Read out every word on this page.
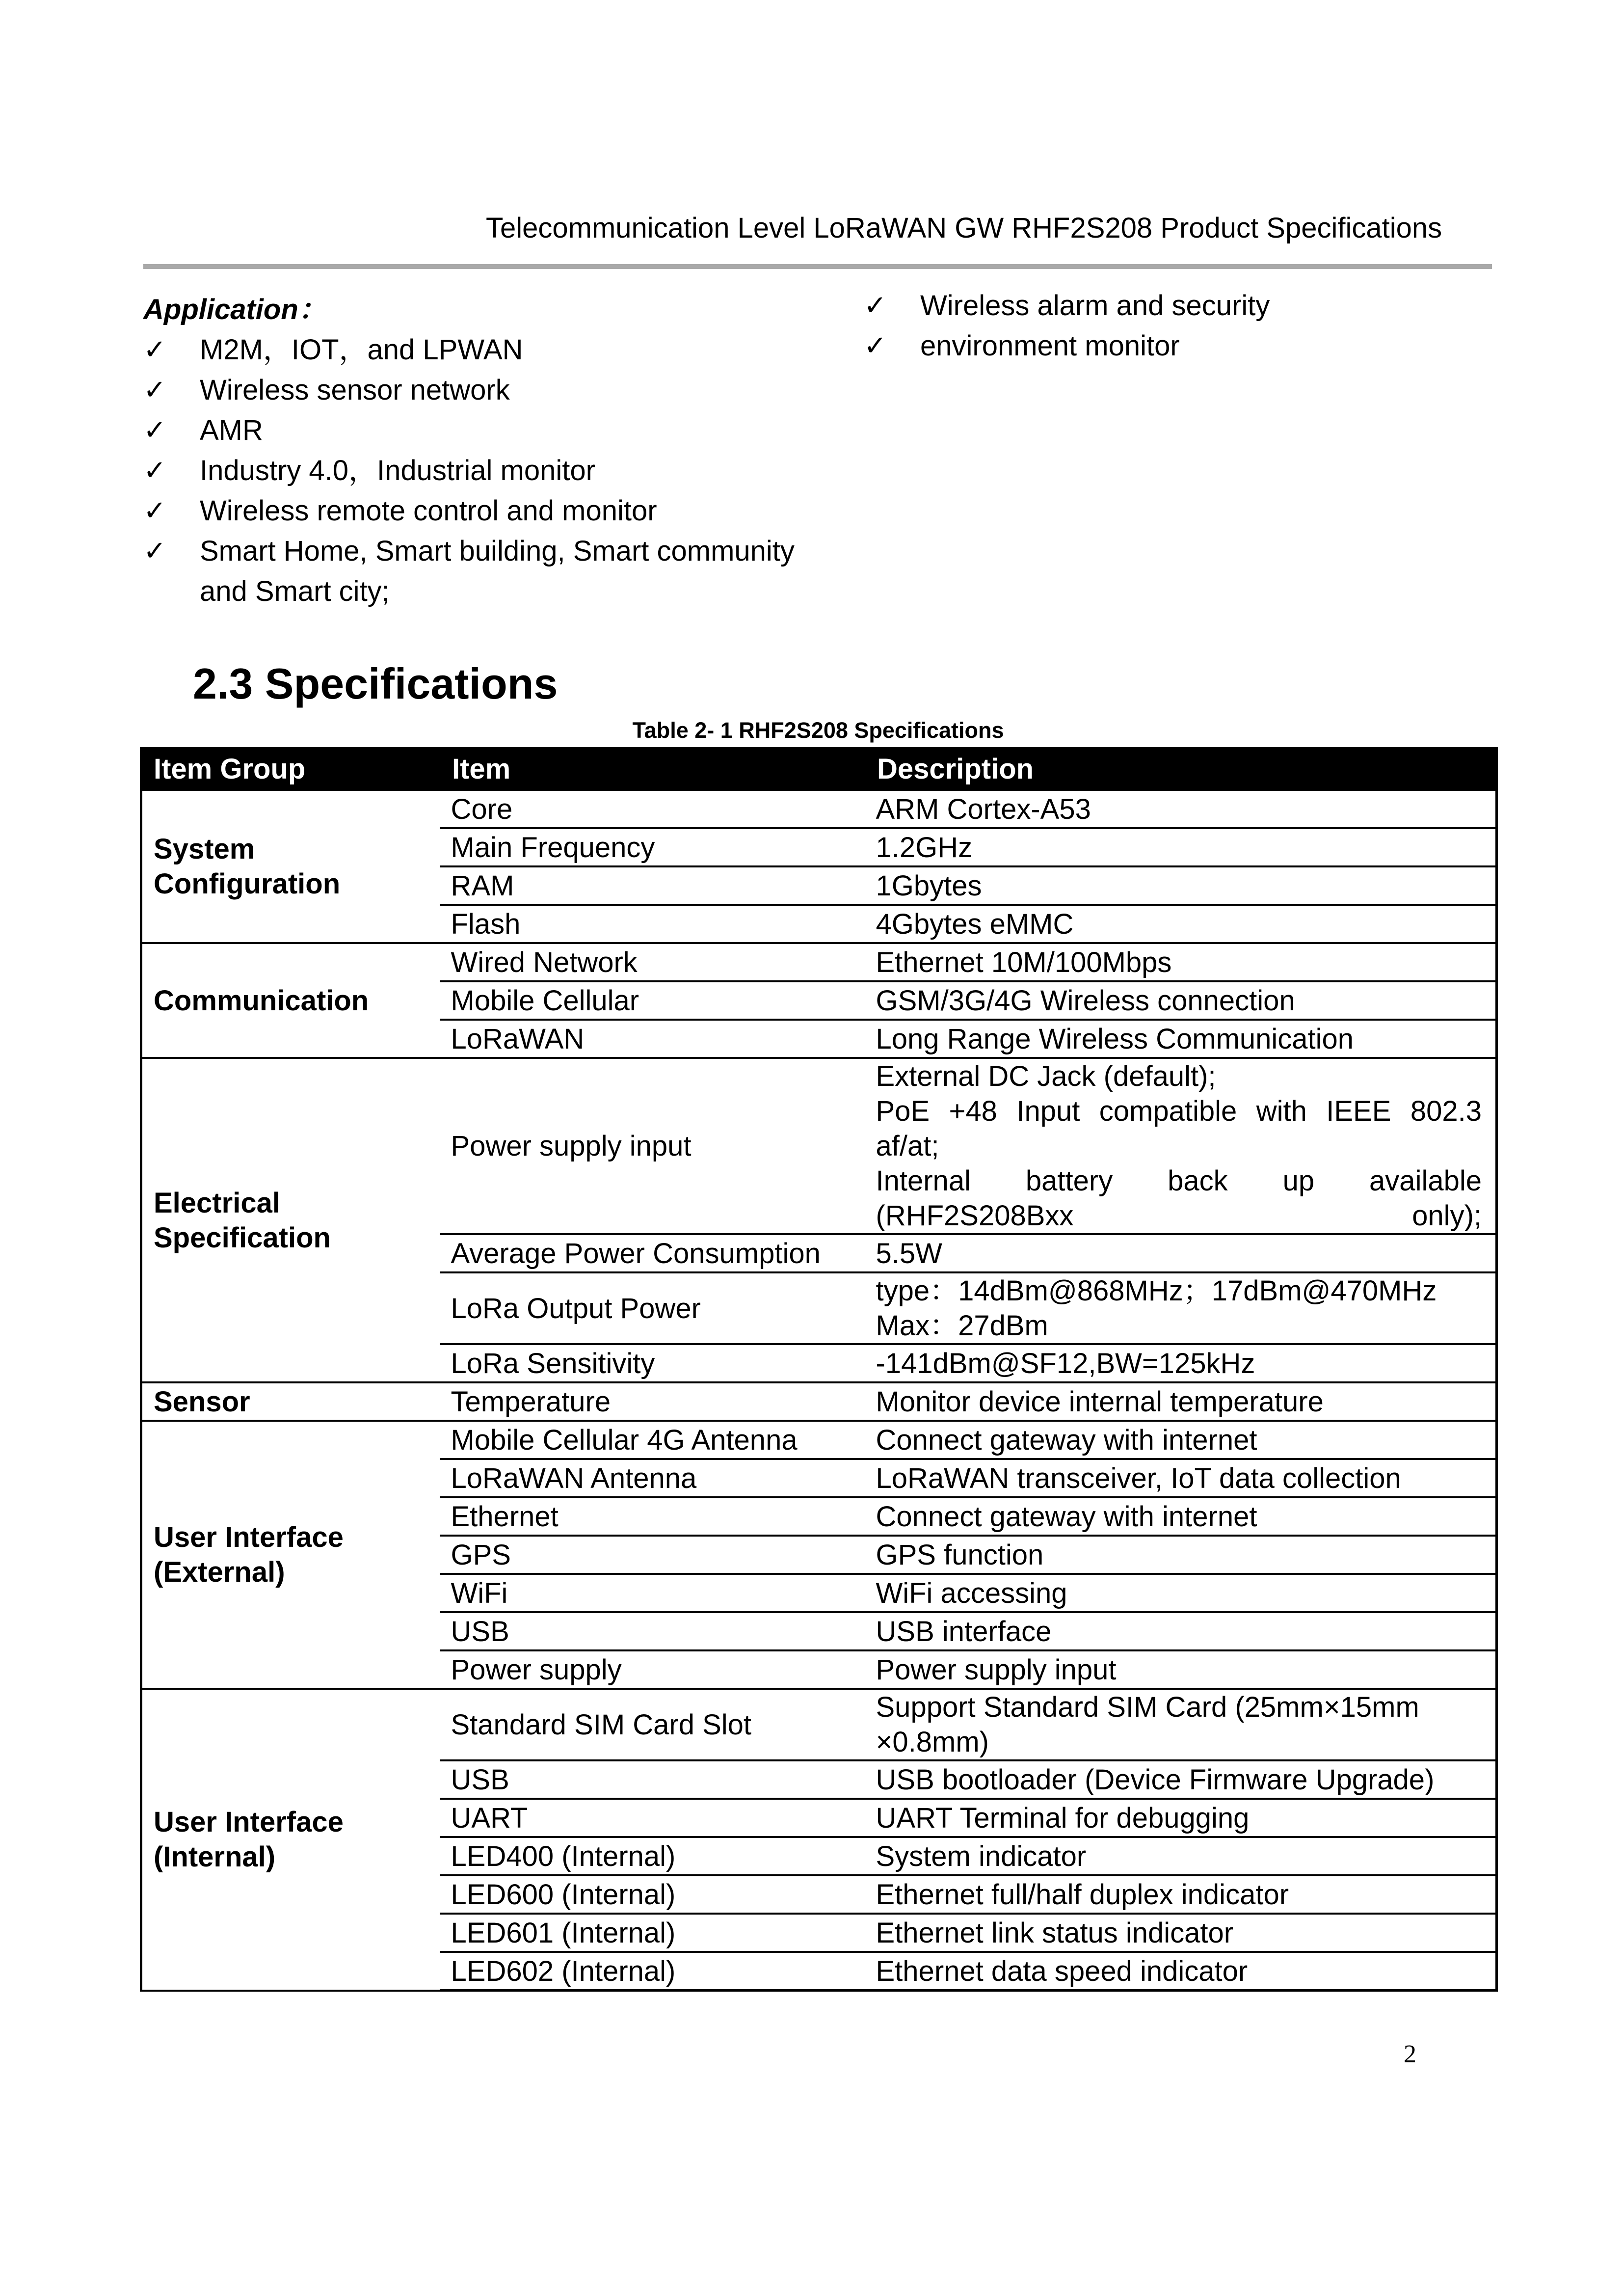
Telecommunication Level LoRaWAN GW RHF2S208 Product Specifications
Application：
✓ M2M，IOT，and LPWAN
✓ Wireless sensor network
✓ AMR
✓ Industry 4.0，Industrial monitor
✓ Wireless remote control and monitor
✓ Smart Home, Smart building, Smart community and Smart city;
✓ Wireless alarm and security
✓ environment monitor
2.3 Specifications
Table 2- 1 RHF2S208 Specifications
Item Group	Item	Description
System Configuration	Core	ARM Cortex-A53

	Main Frequency	1.2GHz

	RAM	1Gbytes

	Flash	4Gbytes eMMC

Communication	Wired Network	Ethernet 10M/100Mbps

	Mobile Cellular	GSM/3G/4G Wireless connection

	LoRaWAN	Long Range Wireless Communication

Electrical Specification	Power supply input	External DC Jack (default);
PoE +48 Input compatible with IEEE 802.3 af/at;
Internal battery back up available (RHF2S208Bxx only);

	Average Power Consumption	5.5W

	LoRa Output Power	type：14dBm@868MHz；17dBm@470MHz
Max：27dBm

	LoRa Sensitivity	-141dBm@SF12,BW=125kHz

Sensor	Temperature	Monitor device internal temperature

User Interface (External)	Mobile Cellular 4G Antenna	Connect gateway with internet

	LoRaWAN Antenna	LoRaWAN transceiver, IoT data collection

	Ethernet	Connect gateway with internet

	GPS	GPS function

	WiFi	WiFi accessing

	USB	USB interface

	Power supply	Power supply input

User Interface (Internal)	Standard SIM Card Slot	Support Standard SIM Card (25mm×15mm ×0.8mm)

	USB	USB bootloader (Device Firmware Upgrade)

	UART	UART Terminal for debugging

	LED400 (Internal)	System indicator

	LED600 (Internal)	Ethernet full/half duplex indicator

	LED601 (Internal)	Ethernet link status indicator

	LED602 (Internal)	Ethernet data speed indicator
2
